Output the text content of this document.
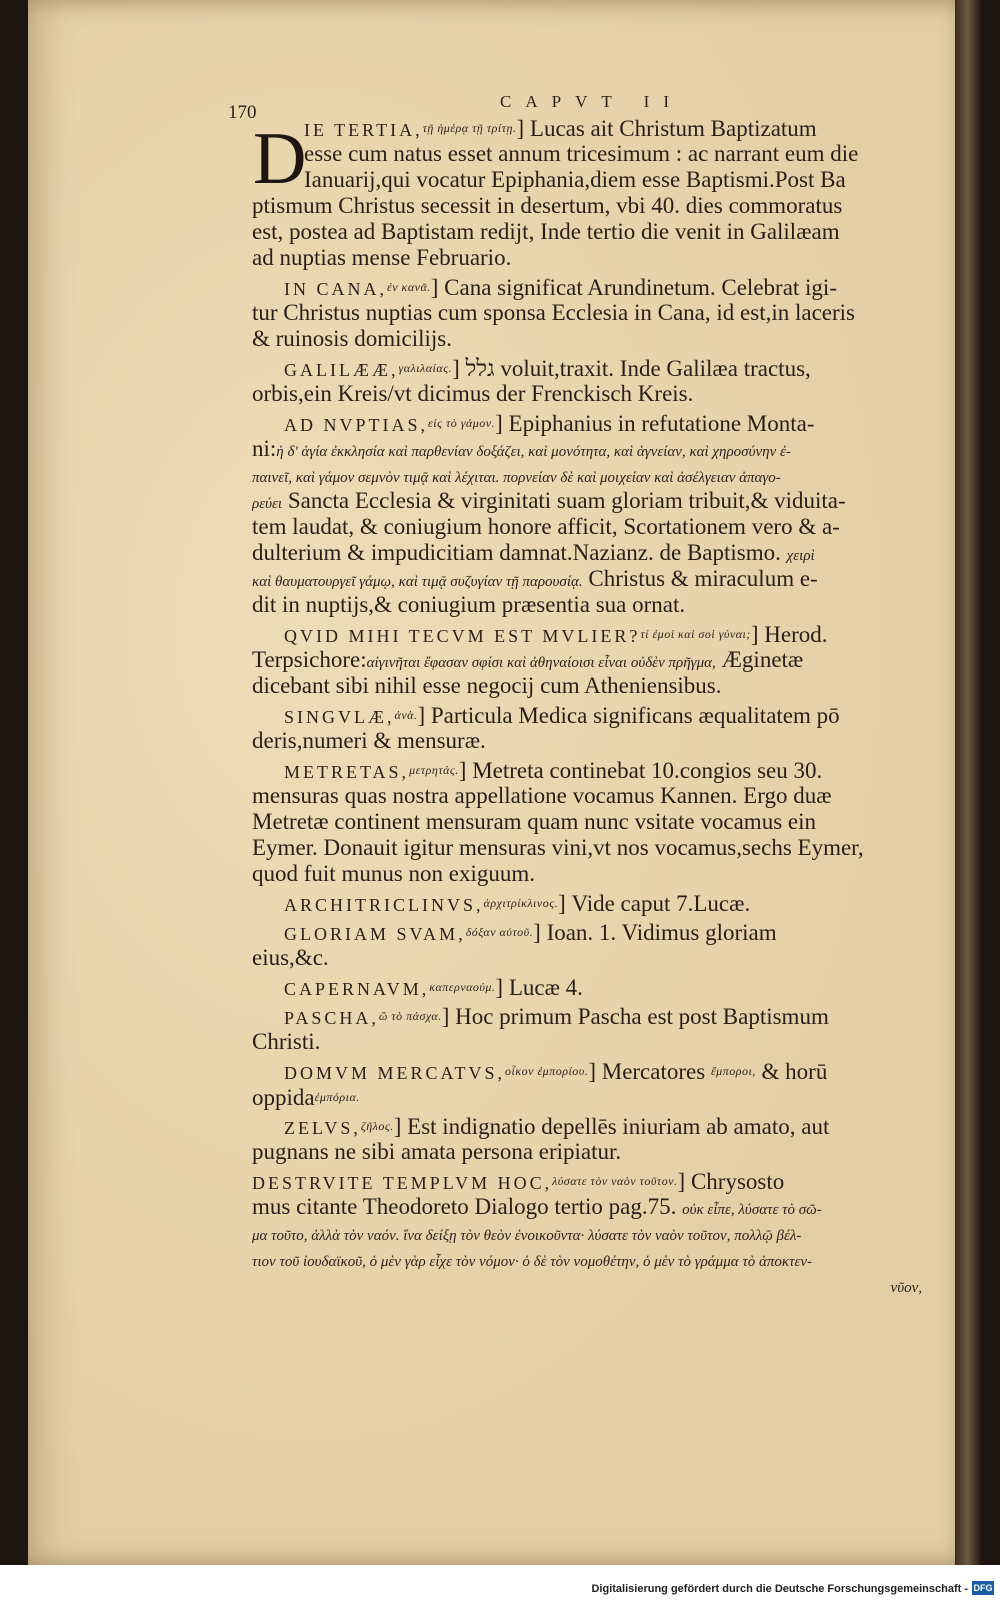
170
CAPVT II
D
IE TERTIA,τῇ ἡμέρᾳ τῇ τρίτῃ.] Lucas ait Christum Baptizatum
esse cum natus esset annum tricesimum : ac narrant eum die
Ianuarij,qui vocatur Epiphania,diem esse Baptismi.Post Ba
ptismum Christus secessit in desertum, vbi 40. dies commoratus
est, postea ad Baptistam redijt, Inde tertio die venit in Galilæam
ad nuptias mense Februario.
IN CANA,ἐν κανᾶ.] Cana significat Arundinetum. Celebrat igi-
tur Christus nuptias cum sponsa Ecclesia in Cana, id est,in laceris
& ruinosis domicilijs.
GALILÆÆ,γαλιλαίας.] גלל voluit,traxit. Inde Galilæa tractus,
orbis,ein Kreis/vt dicimus der Frenckisch Kreis.
AD NVPTIAS,εἰς τὸ γάμον.] Epiphanius in refutatione Monta-
ni:ἡ δ' ἁγία ἐκκλησία καὶ παρθενίαν δοξάζει, καὶ μονότητα, καὶ ἁγνείαν, καὶ χηροσύνην ἐ-
παινεῖ, καὶ γάμον σεμνὸν τιμᾷ καὶ λέχιται. πορνείαν δὲ καὶ μοιχείαν καὶ ἀσέλγειαν ἀπαγο-
ρεύει Sancta Ecclesia & virginitati suam gloriam tribuit,& viduita-
tem laudat, & coniugium honore afficit, Scortationem vero & a-
dulterium & impudicitiam damnat.Nazianz. de Baptismo. χειρὶ
καὶ θαυματουργεῖ γάμῳ, καὶ τιμᾷ συζυγίαν τῇ παρουσίᾳ. Christus & miraculum e-
dit in nuptijs,& coniugium præsentia sua ornat.
QVID MIHI TECVM EST MVLIER?τί ἐμοὶ καὶ σοὶ γύναι;] Herod.
Terpsichore:αἰγινῆται ἔφασαν σφίσι καὶ ἀθηναίοισι εἶναι οὐδὲν πρῆγμα, Æginetæ
dicebant sibi nihil esse negocij cum Atheniensibus.
SINGVLÆ,ἀνὰ.] Particula Medica significans æqualitatem pō
deris,numeri & mensuræ.
METRETAS,μετρητάς.] Metreta continebat 10.congios seu 30.
mensuras quas nostra appellatione vocamus Kannen. Ergo duæ
Metretæ continent mensuram quam nunc vsitate vocamus ein
Eymer. Donauit igitur mensuras vini,vt nos vocamus,sechs Eymer,
quod fuit munus non exiguum.
ARCHITRICLINVS,ἀρχιτρίκλινος.] Vide caput 7.Lucæ.
GLORIAM SVAM,δόξαν αὐτοῦ.] Ioan. 1. Vidimus gloriam
eius,&c.
CAPERNAVM,καπερναούμ.] Lucæ 4.
PASCHA,ὥ τὸ πάσχα.] Hoc primum Pascha est post Baptismum
Christi.
DOMVM MERCATVS,οἶκον ἐμπορίου.] Mercatores ἔμποροι, & horū
oppidaἐμπόρια.
ZELVS,ζῆλος.] Est indignatio depellēs iniuriam ab amato, aut
pugnans ne sibi amata persona eripiatur.
DESTRVITE TEMPLVM HOC,λύσατε τὸν ναὸν τοῦτον.] Chrysosto
mus citante Theodoreto Dialogo tertio pag.75. οὐκ εἶπε, λύσατε τὸ σῶ-
μα τοῦτο, ἀλλὰ τὸν ναόν. ἵνα δείξῃ τὸν θεὸν ἐνοικοῦντα· λύσατε τὸν ναὸν τοῦτον, πολλῷ βέλ-
τιον τοῦ ἰουδαϊκοῦ, ὁ μὲν γὰρ εἶχε τὸν νόμον· ὁ δὲ τὸν νομοθέτην, ὁ μὲν τὸ γράμμα τὸ ἀποκτεν-
νῦον,
Digitalisierung gefördert durch die Deutsche Forschungsgemeinschaft - DFG
